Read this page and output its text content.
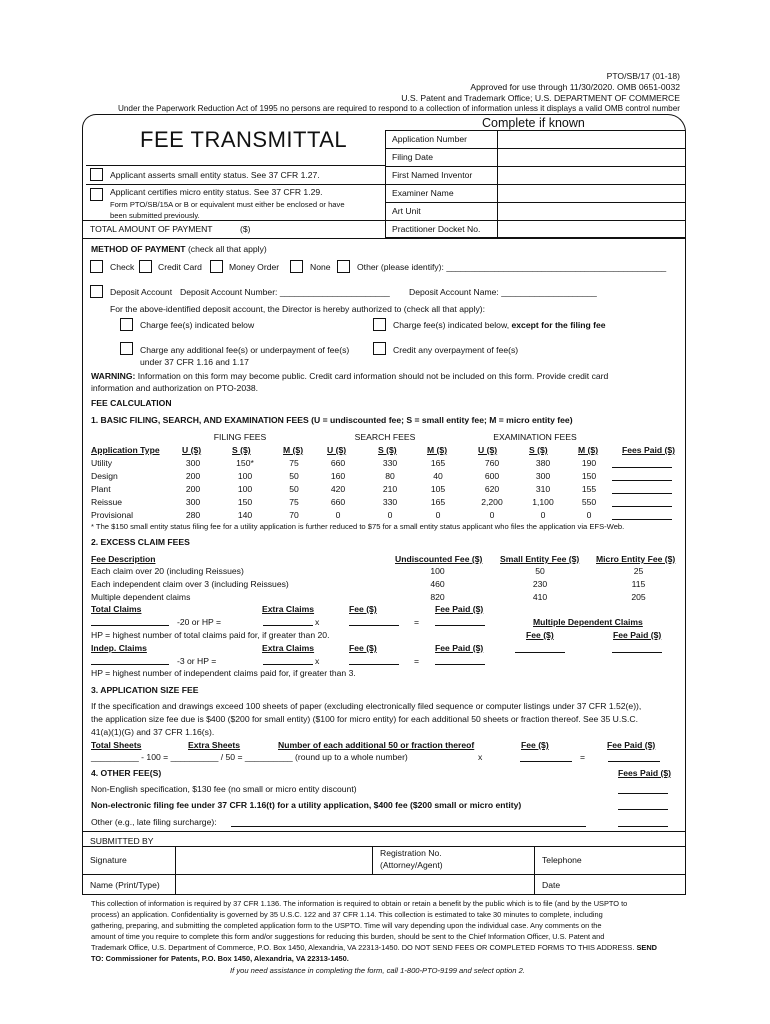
PTO/SB/17 (01-18)
Approved for use through 11/30/2020. OMB 0651-0032
U.S. Patent and Trademark Office; U.S. DEPARTMENT OF COMMERCE
Under the Paperwork Reduction Act of 1995 no persons are required to respond to a collection of information unless it displays a valid OMB control number
FEE TRANSMITTAL
Complete if known
Application Number
Filing Date
First Named Inventor
Examiner Name
Art Unit
Practitioner Docket No.
Applicant asserts small entity status. See 37 CFR 1.27.
Applicant certifies micro entity status. See 37 CFR 1.29.
Form PTO/SB/15A or B or equivalent must either be enclosed or have
been submitted previously.
TOTAL AMOUNT OF PAYMENT	($)
METHOD OF PAYMENT (check all that apply)
Check	Credit Card	Money Order	None	Other (please identify): ______________________________________________
Deposit Account Deposit Account Number: _______________________ Deposit Account Name: ____________________
For the above-identified deposit account, the Director is hereby authorized to (check all that apply):
Charge fee(s) indicated below	Charge fee(s) indicated below, except for the filing fee
Charge any additional fee(s) or underpayment of fee(s)
under 37 CFR 1.16 and 1.17
Credit any overpayment of fee(s)
WARNING: Information on this form may become public. Credit card information should not be included on this form. Provide credit card
information and authorization on PTO-2038.
FEE CALCULATION
1. BASIC FILING, SEARCH, AND EXAMINATION FEES (U = undiscounted fee; S = small entity fee; M = micro entity fee)
FILING FEES	SEARCH FEES	EXAMINATION FEES
Application Type	U ($)	S ($)	M ($)	U ($)	S ($)	M ($)	U ($)	S ($)	M ($)	Fees Paid ($)
Utility	300	150*	75	660	330	165	760	380	190
Design	200	100	50	160	80	40	600	300	150
Plant	200	100	50	420	210	105	620	310	155
Reissue	300	150	75	660	330	165	2,200	1,100	550
Provisional	280	140	70	0	0	0	0	0	0
* The $150 small entity status filing fee for a utility application is further reduced to $75 for a small entity status applicant who files the application via EFS-Web.
2. EXCESS CLAIM FEES
Fee Description	Undiscounted Fee ($) Small Entity Fee ($) Micro Entity Fee ($)
Each claim over 20 (including Reissues)	100	50	25
Each independent claim over 3 (including Reissues)	460	230	115
Multiple dependent claims	820	410	205
Total Claims	Extra Claims	Fee ($)	Fee Paid ($)
-20 or HP =	x	=	Multiple Dependent Claims
Fee ($)	Fee Paid ($)
HP = highest number of total claims paid for, if greater than 20.
Indep. Claims	Extra Claims	Fee ($)	Fee Paid ($)
-3 or HP =	x	=
HP = highest number of independent claims paid for, if greater than 3.
3. APPLICATION SIZE FEE
If the specification and drawings exceed 100 sheets of paper (excluding electronically filed sequence or computer listings under 37 CFR 1.52(e)),
the application size fee due is $400 ($200 for small entity) ($100 for micro entity) for each additional 50 sheets or fraction thereof. See 35 U.S.C.
41(a)(1)(G) and 37 CFR 1.16(s).
Total Sheets	Extra Sheets	Number of each additional 50 or fraction thereof	Fee ($)	Fee Paid ($)
__________ - 100 = __________ / 50 = __________ (round up to a whole number)	x	=
4. OTHER FEE(S)	Fees Paid ($)
Non-English specification, $130 fee (no small or micro entity discount)
Non-electronic filing fee under 37 CFR 1.16(t) for a utility application, $400 fee ($200 small or micro entity)
Other (e.g., late filing surcharge):
SUBMITTED BY
Signature
Registration No.
(Attorney/Agent)	Telephone
Name (Print/Type)	Date
This collection of information is required by 37 CFR 1.136. The information is required to obtain or retain a benefit by the public which is to file (and by the USPTO to
process) an application. Confidentiality is governed by 35 U.S.C. 122 and 37 CFR 1.14. This collection is estimated to take 30 minutes to complete, including
gathering, preparing, and submitting the completed application form to the USPTO. Time will vary depending upon the individual case. Any comments on the
amount of time you require to complete this form and/or suggestions for reducing this burden, should be sent to the Chief Information Officer, U.S. Patent and
Trademark Office, U.S. Department of Commerce, P.O. Box 1450, Alexandria, VA 22313-1450. DO NOT SEND FEES OR COMPLETED FORMS TO THIS ADDRESS. SEND
TO: Commissioner for Patents, P.O. Box 1450, Alexandria, VA 22313-1450.
If you need assistance in completing the form, call 1-800-PTO-9199 and select option 2.
